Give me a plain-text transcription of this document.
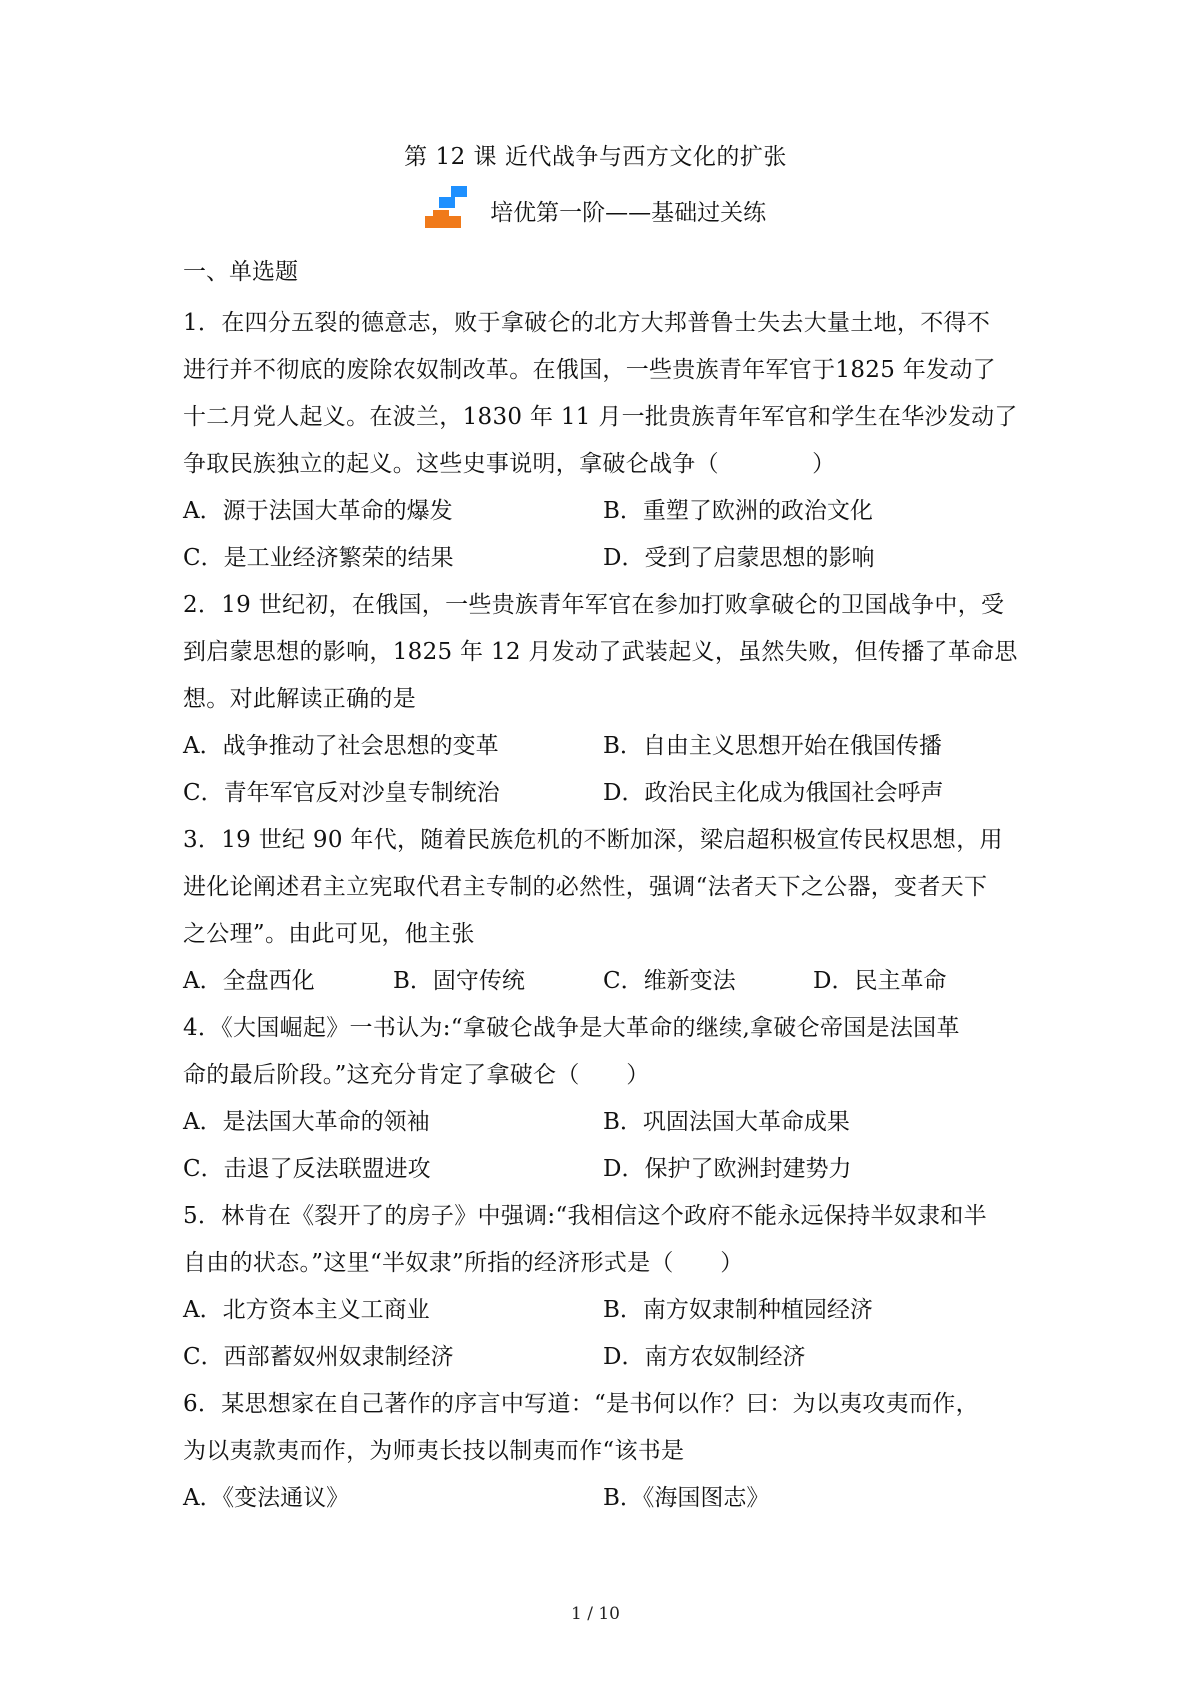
第 12 课 近代战争与西方文化的扩张
培优第一阶——基础过关练
一、单选题

1．在四分五裂的德意志，败于拿破仑的北方大邦普鲁士失去大量土地，不得不

进行并不彻底的废除农奴制改革。在俄国，一些贵族青年军官于1825 年发动了

十二月党人起义。在波兰，1830 年 11 月一批贵族青年军官和学生在华沙发动了

争取民族独立的起义。这些史事说明，拿破仑战争（　　　　）

A．源于法国大革命的爆发	B．重塑了欧洲的政治文化
C．是工业经济繁荣的结果	D．受到了启蒙思想的影响

2．19 世纪初，在俄国，一些贵族青年军官在参加打败拿破仑的卫国战争中，受

到启蒙思想的影响，1825 年 12 月发动了武装起义，虽然失败，但传播了革命思

想。对此解读正确的是

A．战争推动了社会思想的变革	B．自由主义思想开始在俄国传播
C．青年军官反对沙皇专制统治	D．政治民主化成为俄国社会呼声

3．19 世纪 90 年代，随着民族危机的不断加深，梁启超积极宣传民权思想，用

进化论阐述君主立宪取代君主专制的必然性，强调“法者天下之公器，变者天下

之公理”。由此可见，他主张

A．全盘西化	B．固守传统	C．维新变法	D．民主革命

4．《大国崛起》一书认为:“拿破仑战争是大革命的继续,拿破仑帝国是法国革

命的最后阶段。”这充分肯定了拿破仑（　　）

A．是法国大革命的领袖	B．巩固法国大革命成果
C．击退了反法联盟进攻	D．保护了欧洲封建势力

5．林肯在《裂开了的房子》中强调:“我相信这个政府不能永远保持半奴隶和半

自由的状态。”这里“半奴隶”所指的经济形式是（　　）

A．北方资本主义工商业	B．南方奴隶制种植园经济
C．西部蓄奴州奴隶制经济	D．南方农奴制经济

6．某思想家在自己著作的序言中写道：“是书何以作？曰：为以夷攻夷而作，

为以夷款夷而作，为师夷长技以制夷而作“该书是

A．《变法通议》	B．《海国图志》
1 / 10
